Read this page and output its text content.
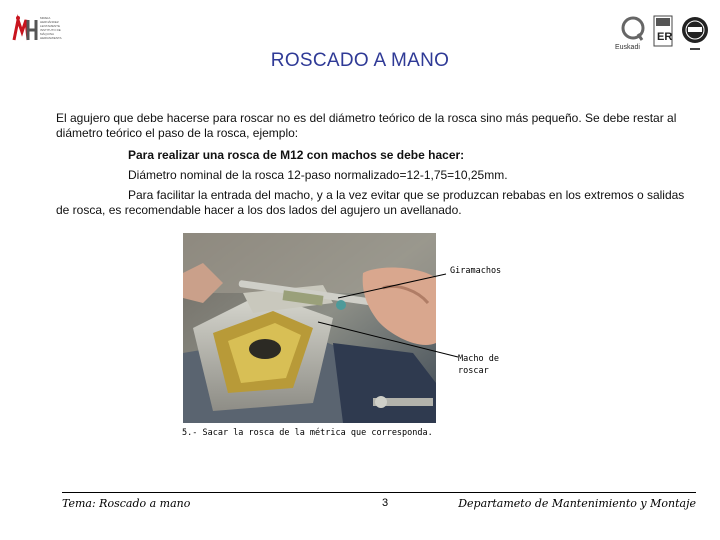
MIREIA
HERNÁNDEZ
LENTAMENTE
INSTITUTO DE
MÁQUINA
HERRAMIENTA
Euskadi
ER
ROSCADO A MANO
El agujero que debe hacerse para roscar no es del diámetro teórico de la rosca sino más pequeño. Se debe restar al diámetro teórico el paso de la rosca, ejemplo:
Para realizar una rosca de M12 con machos se debe hacer:
Diámetro nominal de la rosca 12-paso normalizado=12-1,75=10,25mm.
Para facilitar la entrada del macho, y a la vez evitar que se produzcan rebabas en los extremos o salidas de rosca, es recomendable hacer a los dos lados del agujero un avellanado.
Giramachos
Macho de roscar
5.- Sacar la rosca de la métrica que corresponda.
Tema: Roscado a mano	3	Departameto de Mantenimiento y Montaje
